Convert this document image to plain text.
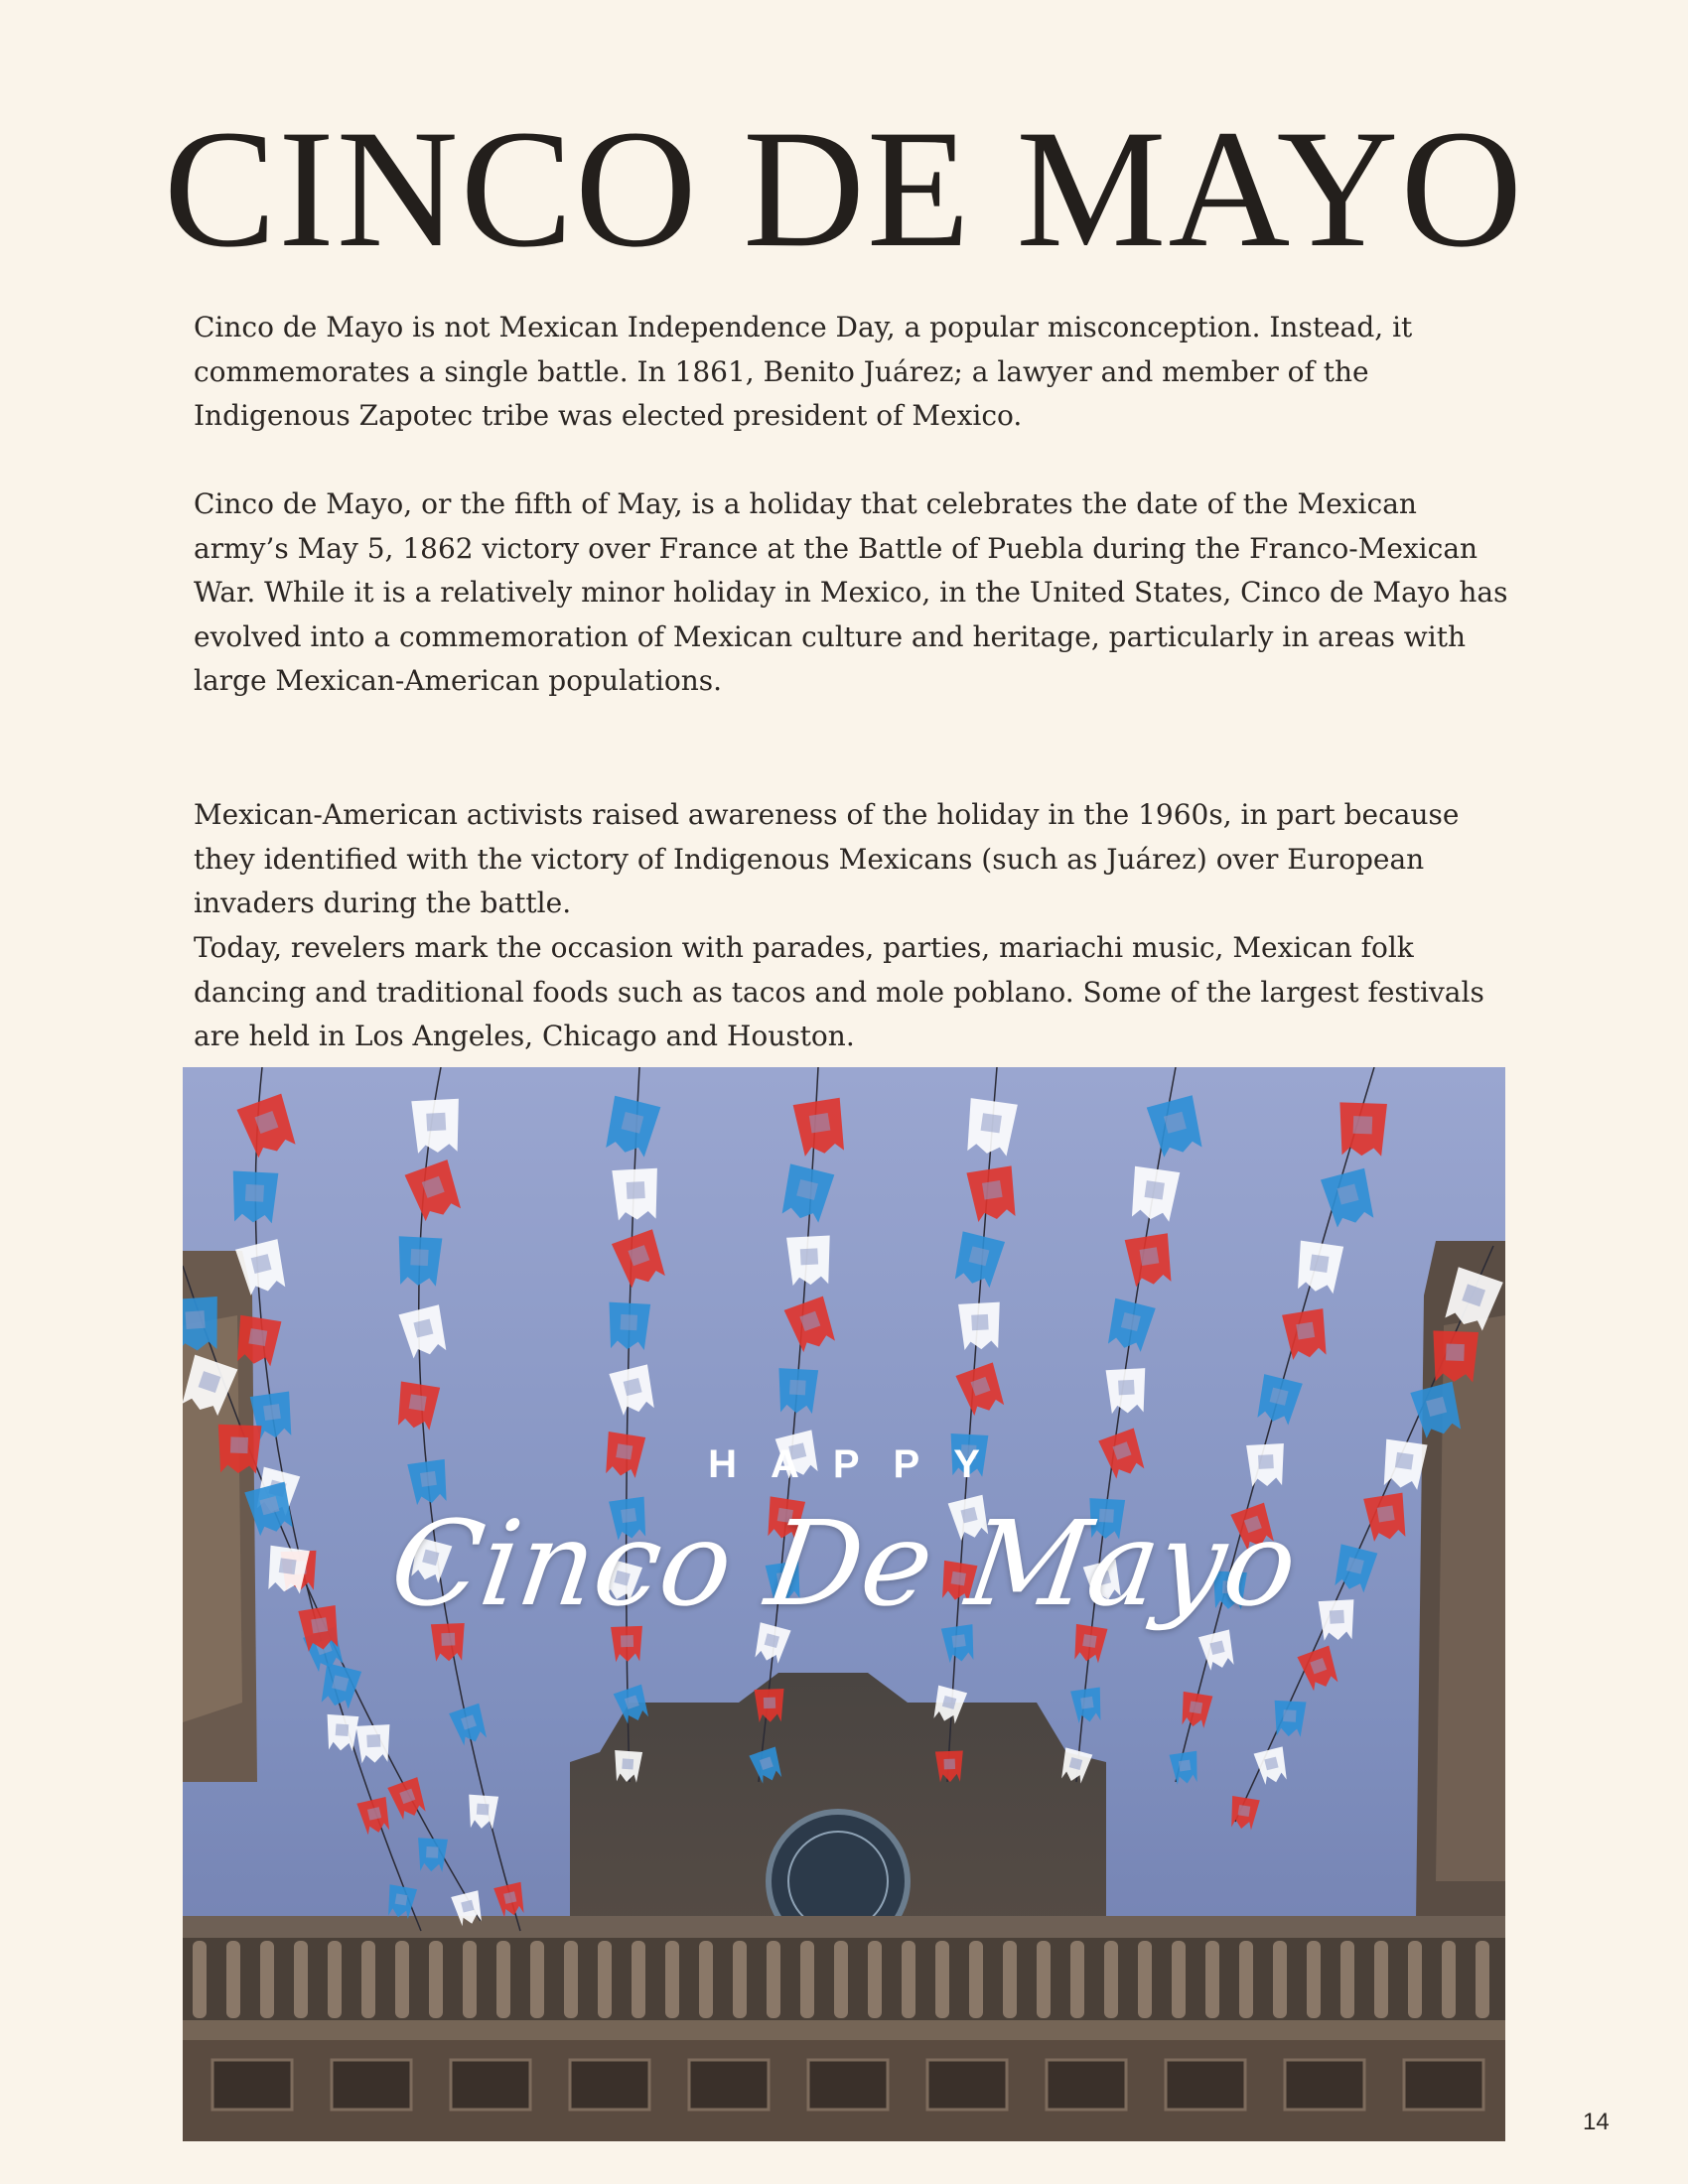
CINCO DE MAYO

Cinco de Mayo is not Mexican Independence Day, a popular misconception. Instead, it commemorates a single battle. In 1861, Benito Juárez; a lawyer and member of the Indigenous Zapotec tribe was elected president of Mexico.

Cinco de Mayo, or the fifth of May, is a holiday that celebrates the date of the Mexican army’s May 5, 1862 victory over France at the Battle of Puebla during the Franco-Mexican War. While it is a relatively minor holiday in Mexico, in the United States, Cinco de Mayo has evolved into a commemoration of Mexican culture and heritage, particularly in areas with large Mexican-American populations.

Mexican-American activists raised awareness of the holiday in the 1960s, in part because they identified with the victory of Indigenous Mexicans (such as Juárez) over European invaders during the battle.

Today, revelers mark the occasion with parades, parties, mariachi music, Mexican folk dancing and traditional foods such as tacos and mole poblano. Some of the largest festivals are held in Los Angeles, Chicago and Houston.

HAPPY
Cinco De Mayo
14
